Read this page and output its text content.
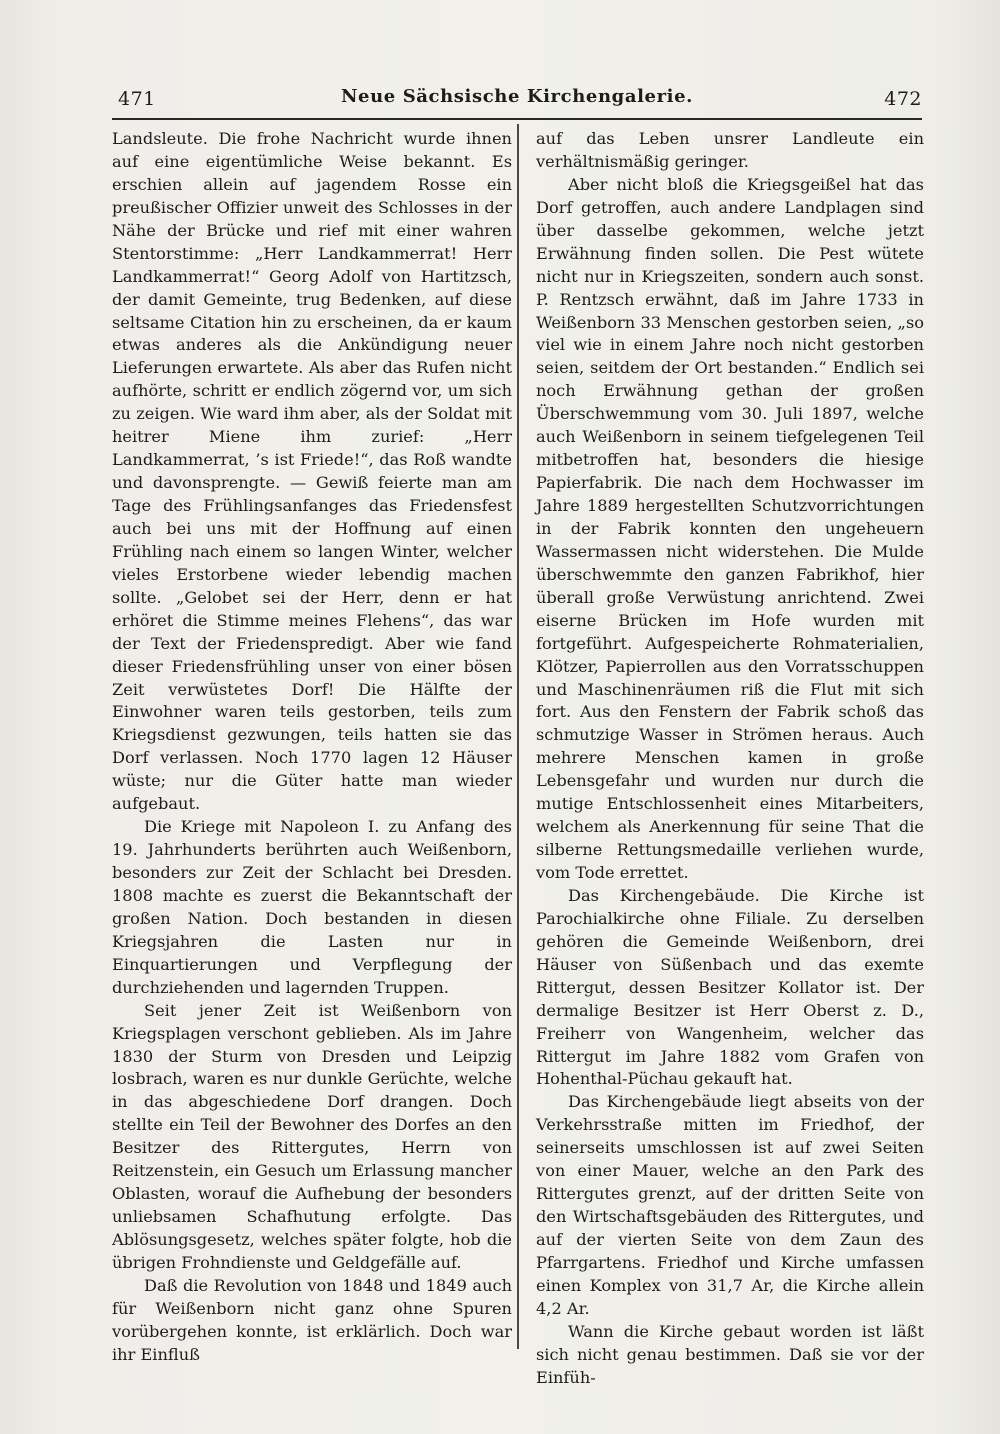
471	Neue Sächsische Kirchengalerie.	472

Landsleute. Die frohe Nachricht wurde ihnen auf eine eigentümliche Weise bekannt. Es erschien allein auf jagendem Rosse ein preußischer Offizier unweit des Schlosses in der Nähe der Brücke und rief mit einer wahren Stentorstimme: „Herr Landkammerrat! Herr Landkammerrat!“ Georg Adolf von Hartitzsch, der damit Gemeinte, trug Bedenken, auf diese seltsame Citation hin zu erscheinen, da er kaum etwas anderes als die Ankündigung neuer Lieferungen erwartete. Als aber das Rufen nicht aufhörte, schritt er endlich zögernd vor, um sich zu zeigen. Wie ward ihm aber, als der Soldat mit heitrer Miene ihm zurief: „Herr Landkammerrat, ’s ist Friede!“, das Roß wandte und davonsprengte. — Gewiß feierte man am Tage des Frühlingsanfanges das Friedensfest auch bei uns mit der Hoffnung auf einen Frühling nach einem so langen Winter, welcher vieles Erstorbene wieder lebendig machen sollte. „Gelobet sei der Herr, denn er hat erhöret die Stimme meines Flehens“, das war der Text der Friedenspredigt. Aber wie fand dieser Friedensfrühling unser von einer bösen Zeit verwüstetes Dorf! Die Hälfte der Einwohner waren teils gestorben, teils zum Kriegsdienst gezwungen, teils hatten sie das Dorf verlassen. Noch 1770 lagen 12 Häuser wüste; nur die Güter hatte man wieder aufgebaut.

Die Kriege mit Napoleon I. zu Anfang des 19. Jahrhunderts berührten auch Weißenborn, besonders zur Zeit der Schlacht bei Dresden. 1808 machte es zuerst die Bekanntschaft der großen Nation. Doch bestanden in diesen Kriegsjahren die Lasten nur in Einquartierungen und Verpflegung der durchziehenden und lagernden Truppen.

Seit jener Zeit ist Weißenborn von Kriegsplagen verschont geblieben. Als im Jahre 1830 der Sturm von Dresden und Leipzig losbrach, waren es nur dunkle Gerüchte, welche in das abgeschiedene Dorf drangen. Doch stellte ein Teil der Bewohner des Dorfes an den Besitzer des Rittergutes, Herrn von Reitzenstein, ein Gesuch um Erlassung mancher Oblasten, worauf die Aufhebung der besonders unliebsamen Schafhutung erfolgte. Das Ablösungsgesetz, welches später folgte, hob die übrigen Frohndienste und Geldgefälle auf.

Daß die Revolution von 1848 und 1849 auch für Weißenborn nicht ganz ohne Spuren vorübergehen konnte, ist erklärlich. Doch war ihr Einfluß

auf das Leben unsrer Landleute ein verhältnismäßig geringer.

Aber nicht bloß die Kriegsgeißel hat das Dorf getroffen, auch andere Landplagen sind über dasselbe gekommen, welche jetzt Erwähnung finden sollen. Die Pest wütete nicht nur in Kriegszeiten, sondern auch sonst. P. Rentzsch erwähnt, daß im Jahre 1733 in Weißenborn 33 Menschen gestorben seien, „so viel wie in einem Jahre noch nicht gestorben seien, seitdem der Ort bestanden.“ Endlich sei noch Erwähnung gethan der großen Überschwemmung vom 30. Juli 1897, welche auch Weißenborn in seinem tiefgelegenen Teil mitbetroffen hat, besonders die hiesige Papierfabrik. Die nach dem Hochwasser im Jahre 1889 hergestellten Schutzvorrichtungen in der Fabrik konnten den ungeheuern Wassermassen nicht widerstehen. Die Mulde überschwemmte den ganzen Fabrikhof, hier überall große Verwüstung anrichtend. Zwei eiserne Brücken im Hofe wurden mit fortgeführt. Aufgespeicherte Rohmaterialien, Klötzer, Papierrollen aus den Vorratsschuppen und Maschinenräumen riß die Flut mit sich fort. Aus den Fenstern der Fabrik schoß das schmutzige Wasser in Strömen heraus. Auch mehrere Menschen kamen in große Lebensgefahr und wurden nur durch die mutige Entschlossenheit eines Mitarbeiters, welchem als Anerkennung für seine That die silberne Rettungsmedaille verliehen wurde, vom Tode errettet.

Das Kirchengebäude. Die Kirche ist Parochialkirche ohne Filiale. Zu derselben gehören die Gemeinde Weißenborn, drei Häuser von Süßenbach und das exemte Rittergut, dessen Besitzer Kollator ist. Der dermalige Besitzer ist Herr Oberst z. D., Freiherr von Wangenheim, welcher das Rittergut im Jahre 1882 vom Grafen von Hohenthal-Püchau gekauft hat.

Das Kirchengebäude liegt abseits von der Verkehrsstraße mitten im Friedhof, der seinerseits umschlossen ist auf zwei Seiten von einer Mauer, welche an den Park des Rittergutes grenzt, auf der dritten Seite von den Wirtschaftsgebäuden des Rittergutes, und auf der vierten Seite von dem Zaun des Pfarrgartens. Friedhof und Kirche umfassen einen Komplex von 31,7 Ar, die Kirche allein 4,2 Ar.

Wann die Kirche gebaut worden ist läßt sich nicht genau bestimmen. Daß sie vor der Einfüh-
